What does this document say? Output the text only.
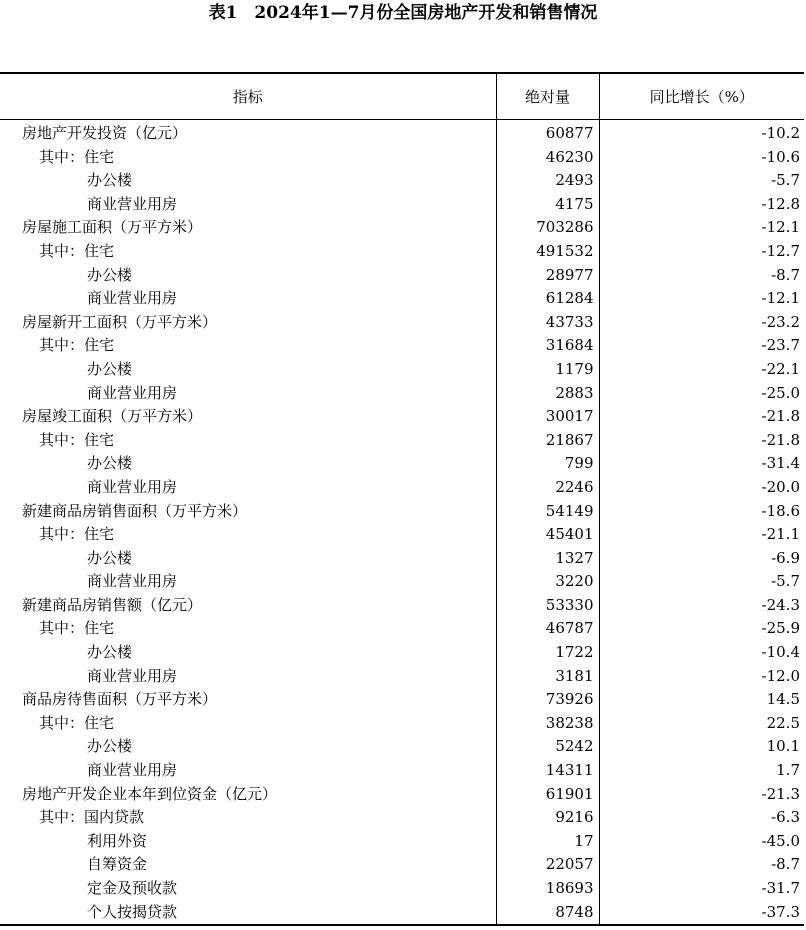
表1　2024年1—7月份全国房地产开发和销售情况
指标	绝对量	同比增长（%）
房地产开发投资（亿元）	60877	-10.2
其中：住宅	46230	-10.6
办公楼	2493	-5.7
商业营业用房	4175	-12.8
房屋施工面积（万平方米）	703286	-12.1
其中：住宅	491532	-12.7
办公楼	28977	-8.7
商业营业用房	61284	-12.1
房屋新开工面积（万平方米）	43733	-23.2
其中：住宅	31684	-23.7
办公楼	1179	-22.1
商业营业用房	2883	-25.0
房屋竣工面积（万平方米）	30017	-21.8
其中：住宅	21867	-21.8
办公楼	799	-31.4
商业营业用房	2246	-20.0
新建商品房销售面积（万平方米）	54149	-18.6
其中：住宅	45401	-21.1
办公楼	1327	-6.9
商业营业用房	3220	-5.7
新建商品房销售额（亿元）	53330	-24.3
其中：住宅	46787	-25.9
办公楼	1722	-10.4
商业营业用房	3181	-12.0
商品房待售面积（万平方米）	73926	14.5
其中：住宅	38238	22.5
办公楼	5242	10.1
商业营业用房	14311	1.7
房地产开发企业本年到位资金（亿元）	61901	-21.3
其中：国内贷款	9216	-6.3
利用外资	17	-45.0
自筹资金	22057	-8.7
定金及预收款	18693	-31.7
个人按揭贷款	8748	-37.3
